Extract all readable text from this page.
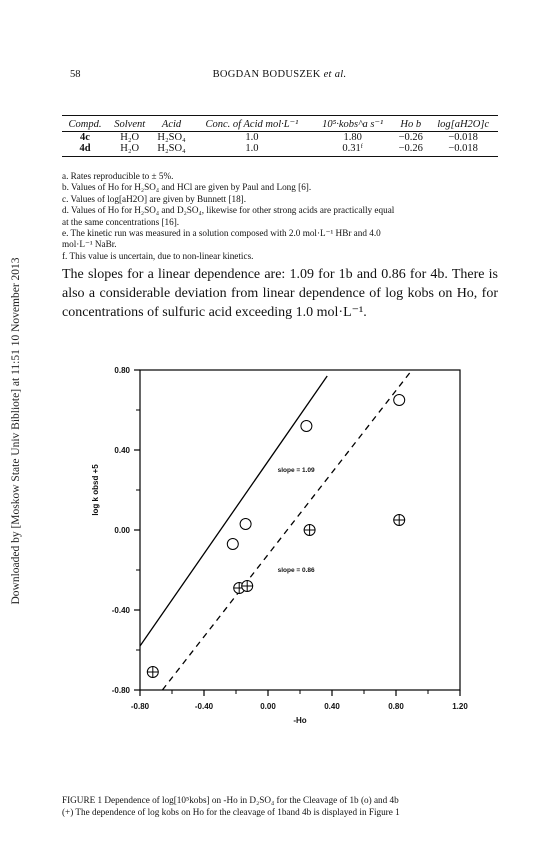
Downloaded by [Moskow State Univ Bibliote] at 11:51 10 November 2013
58	BOGDAN BODUSZEK et al.
Compd.	Solvent	Acid	Conc. of Acid mol·L⁻¹	10⁵·kobs^a s⁻¹	Ho b	log[aH2O]c
4c	H₂O	H₂SO₄	1.0	1.80	−0.26	−0.018
4d	H₂O	H₂SO₄	1.0	0.31ᶠ	−0.26	−0.018
a. Rates reproducible to ± 5%.
b. Values of Ho for H₂SO₄ and HCl are given by Paul and Long [6].
c. Values of log[aH2O] are given by Bunnett [18].
d. Values of Ho for H₂SO₄ and D₂SO₄, likewise for other strong acids are practically equal
at the same concentrations [16].
e. The kinetic run was measured in a solution composed with 2.0 mol·L⁻¹ HBr and 4.0
mol·L⁻¹ NaBr.
f. This value is uncertain, due to non-linear kinetics.
The slopes for a linear dependence are: 1.09 for 1b and 0.86 for 4b. There is also a considerable deviation from linear dependence of log kobs on Ho, for concentrations of sulfuric acid exceeding 1.0 mol·L⁻¹.
-0.80	-0.40	0.00	0.40	0.80	1.20
0.80
0.40
0.00
-0.40
-0.80
-Ho
log k obsd +5	slope = 1.09
slope = 0.86
FIGURE 1 Dependence of log[10⁵kobs] on -Ho in D₂SO₄ for the Cleavage of 1b (o) and 4b
(+) The dependence of log kobs on Ho for the cleavage of 1band 4b is displayed in Figure 1
